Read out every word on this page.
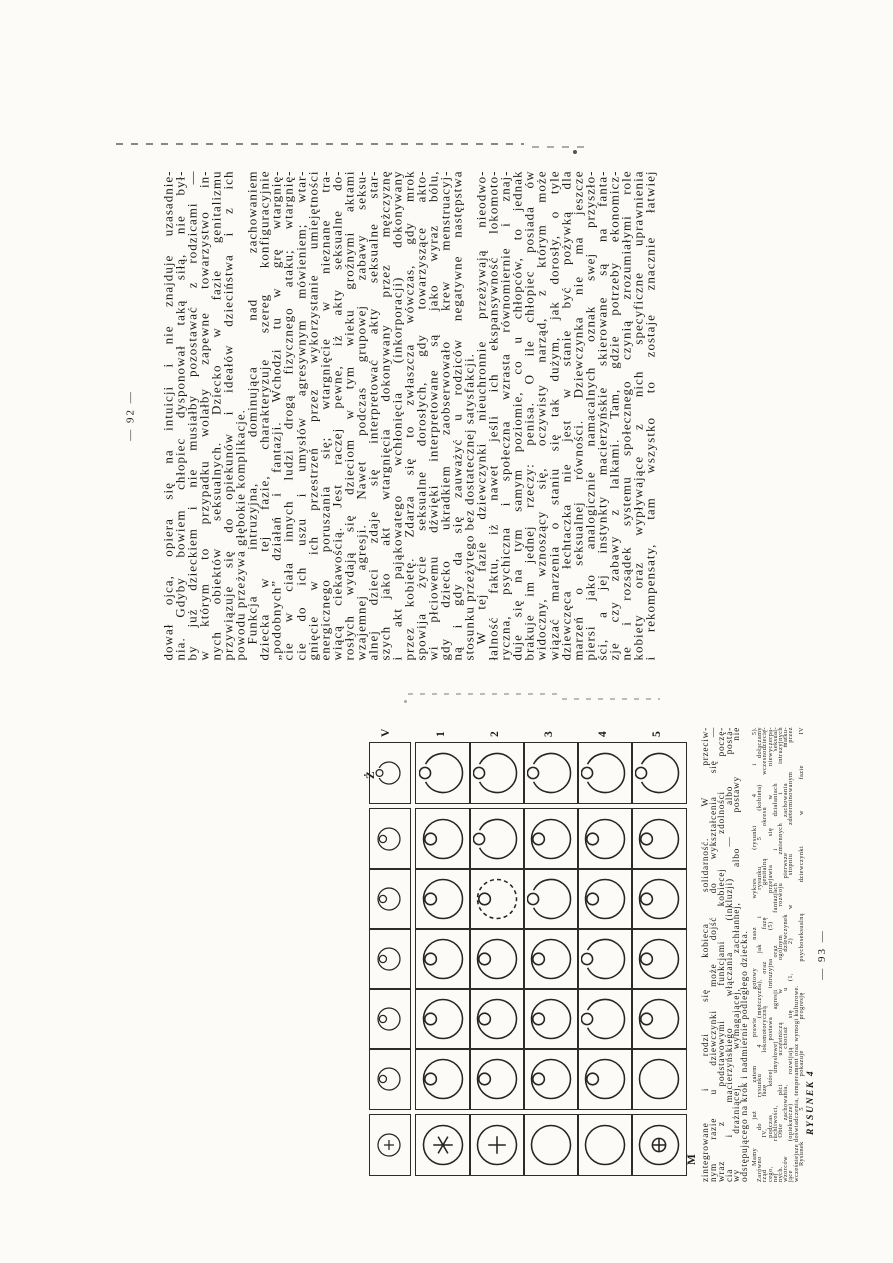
— 92 — dował ojca, opiera się na intuicji i nie znajduje uzasadnie-
nia. Gdyby bowiem chłopiec dysponował taką siłą, nie był-
by już dzieckiem i nie musiałby pozostawać z rodzicami —
w którym to przypadku wolałby zapewne towarzystwo in-
nych obiektów seksualnych. Dziecko w fazie genitalizmu
przywiązuje się do opiekunów i ideałów dzieciństwa i z ich
powodu przeżywa głębokie komplikacje.
Funkcja intruzyjna, dominująca nad zachowaniem
dziecka w tej fazie, charakteryzuje szereg konfiguracyjnie
„podobnych” działań i fantazji. Wchodzi tu w grę wtargnię-
cie w ciała innych ludzi drogą fizycznego ataku; wtargnię-
cie do ich uszu i umysłów agresywnym mówieniem; wtar-
gnięcie w ich przestrzeń przez wykorzystanie umiejętności
energicznego poruszania się; wtargnięcie w nieznane tra-
wiącą ciekawością. Jest raczej pewne, iż akty seksualne do-
rosłych wydają się dzieciom w tym wieku groźnymi aktami
wzajemnej agresji. Nawet podczas grupowej zabawy seksu-
alnej dzieci zdaje się interpretować akty seksualne star-
szych jako akt wtargnięcia dokonywany przez mężczyznę
i akt pająkowatego wchłonięcia (inkorporacji) dokonywany
przez kobietę. Zdarza się to zwłaszcza wówczas, gdy mrok
spowija życie seksualne dorosłych, gdy towarzyszące akto-
wi płciowemu dźwięki interpretowane są jako wyraz bólu,
gdy dziecko ukradkiem zaobserwowało krew menstruacyj-
ną i gdy da się zauważyć u rodziców negatywne następstwa
stosunku przeżytego bez dostatecznej satysfakcji.
W tej fazie dziewczynki nieuchronnie przeżywają nieodwo-
łalność faktu, iż nawet jeśli ich ekspansywność lokomoto-
ryczna, psychiczna i społeczna wzrasta równomiernie i znaj-
duje się na tym samym poziomie, co u chłopców, to jednak
brakuje im jednej rzeczy: penisa. O ile chłopiec posiada ów
widoczny, wznoszący się, oczywisty narząd, z którym może
wiązać marzenia o staniu się tak dużym, jak dorosły, o tyle
dziewczęca łechtaczka nie jest w stanie być pożywką dla
marzeń o seksualnej równości. Dziewczynka nie ma jeszcze
piersi jako analogicznie namacalnych oznak swej przyszło-
ści, a jej instynkty macierzyńskie skierowane są na fanta-
zje czy zabawy z lalkami. Tam, gdzie potrzeby ekonomicz-
ne i rozsądek systemu społecznego czynią zrozumiałymi role
kobiety oraz wypływające z nich specyficzne uprawnienia
i rekompensaty, tam wszystko to zostaje znacznie łatwiej
Ż
V
M
1	2	3	4	5	zintegrowane i rodzi się kobieca solidarność. W przeciw-
nym razie u dziewczynki może dojść do wykształcenia się —
wraz z podstawowymi funkcjami kobiecej zdolności poczę-
cia i macierzyńskiego włączania (inkluzji) — albo posta-
wy drażniącej, wymagającej, zachłannej, albo postawy nie
odstępującego na krok i nadmiernie podległego dziecka. Mamy już zatem prawie gotowy nasz wykres (rysunki 4 i 5).
Zarówno do rysunku 4 (mężczyzna), jak i rysunku 5 (kobieta) dołączamy
rząd IV, fazę lokomotoryczną oraz fazę genitalną okresu wczesnodziecię-
cego, podczas której postawa intruzyjna (5) przejawia się w niewyczerpa-
nej ruchliwości, umysłowej agresji oraz fantazjach i działaniach seksual-
nych. Obie płci uczestniczą w ogólnym rozwoju zmiennych i intruzyjnych
wzorców zachowania, chociaż u dziewczynek pierwsze zachowania matku-
jące (opiekuńcze) rozwijają się (1, 2) w stopniu zdeterminowanym przez
wcześniejsze doświadczenia, temperament oraz wymogi kulturowe.
Rysunek 5 pokazuje progresję psychoseksualną dziewczynki w fazie IV RYSUNEK 4
— 93 —
